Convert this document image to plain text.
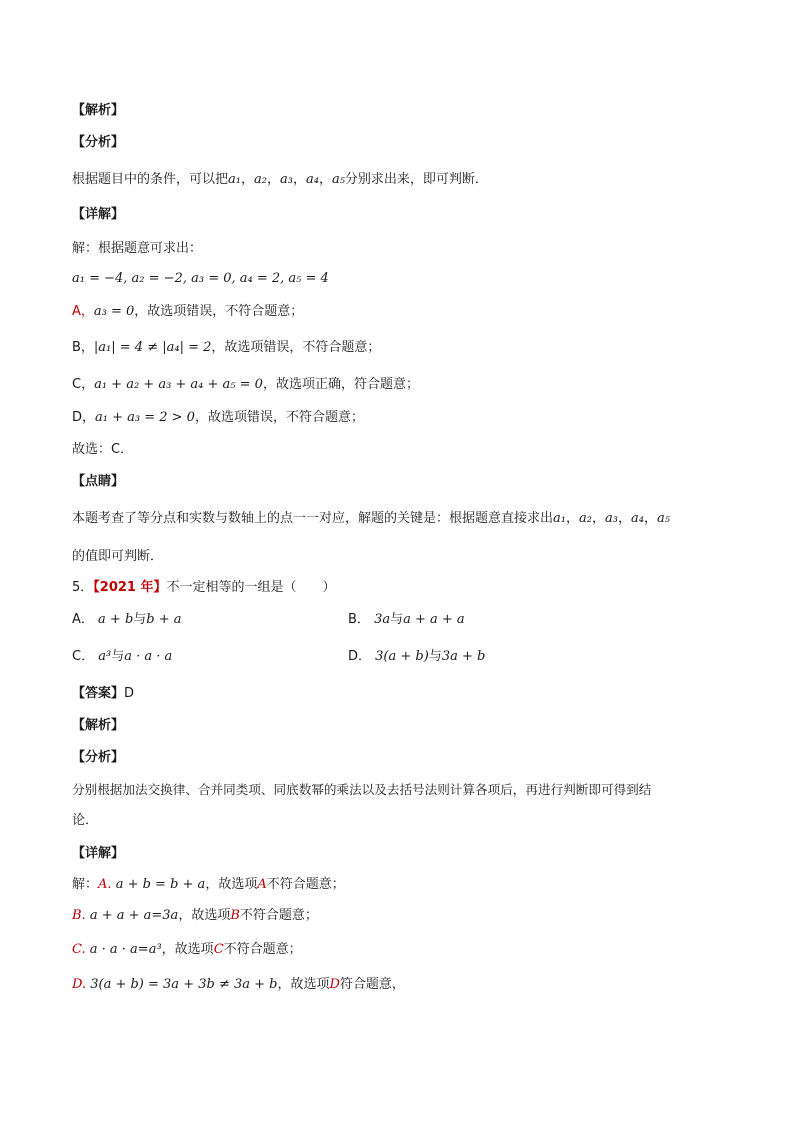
【解析】
【分析】
根据题目中的条件，可以把a₁，a₂，a₃，a₄，a₅分别求出来，即可判断．
【详解】
解：根据题意可求出：
a₁ = −4, a₂ = −2, a₃ = 0, a₄ = 2, a₅ = 4
A，a₃ = 0，故选项错误，不符合题意；
B，|a₁| = 4 ≠ |a₄| = 2，故选项错误，不符合题意；
C，a₁ + a₂ + a₃ + a₄ + a₅ = 0，故选项正确，符合题意；
D，a₁ + a₃ = 2 > 0，故选项错误，不符合题意；
故选：C．
【点睛】
本题考查了等分点和实数与数轴上的点一一对应，解题的关键是：根据题意直接求出a₁，a₂，a₃，a₄，a₅
的值即可判断．
5．【2021 年】不一定相等的一组是（　　）
A． a + b与b + a	B． 3a与a + a + a
C． a³与a · a · a	D． 3(a + b)与3a + b
【答案】D
【解析】
【分析】
分别根据加法交换律、合并同类项、同底数幂的乘法以及去括号法则计算各项后，再进行判断即可得到结
论．
【详解】
解：A. a + b = b + a，故选项A不符合题意；
B. a + a + a=3a，故选项B不符合题意；
C. a · a · a=a³，故选项C不符合题意；
D. 3(a + b) = 3a + 3b ≠ 3a + b，故选项D符合题意，
